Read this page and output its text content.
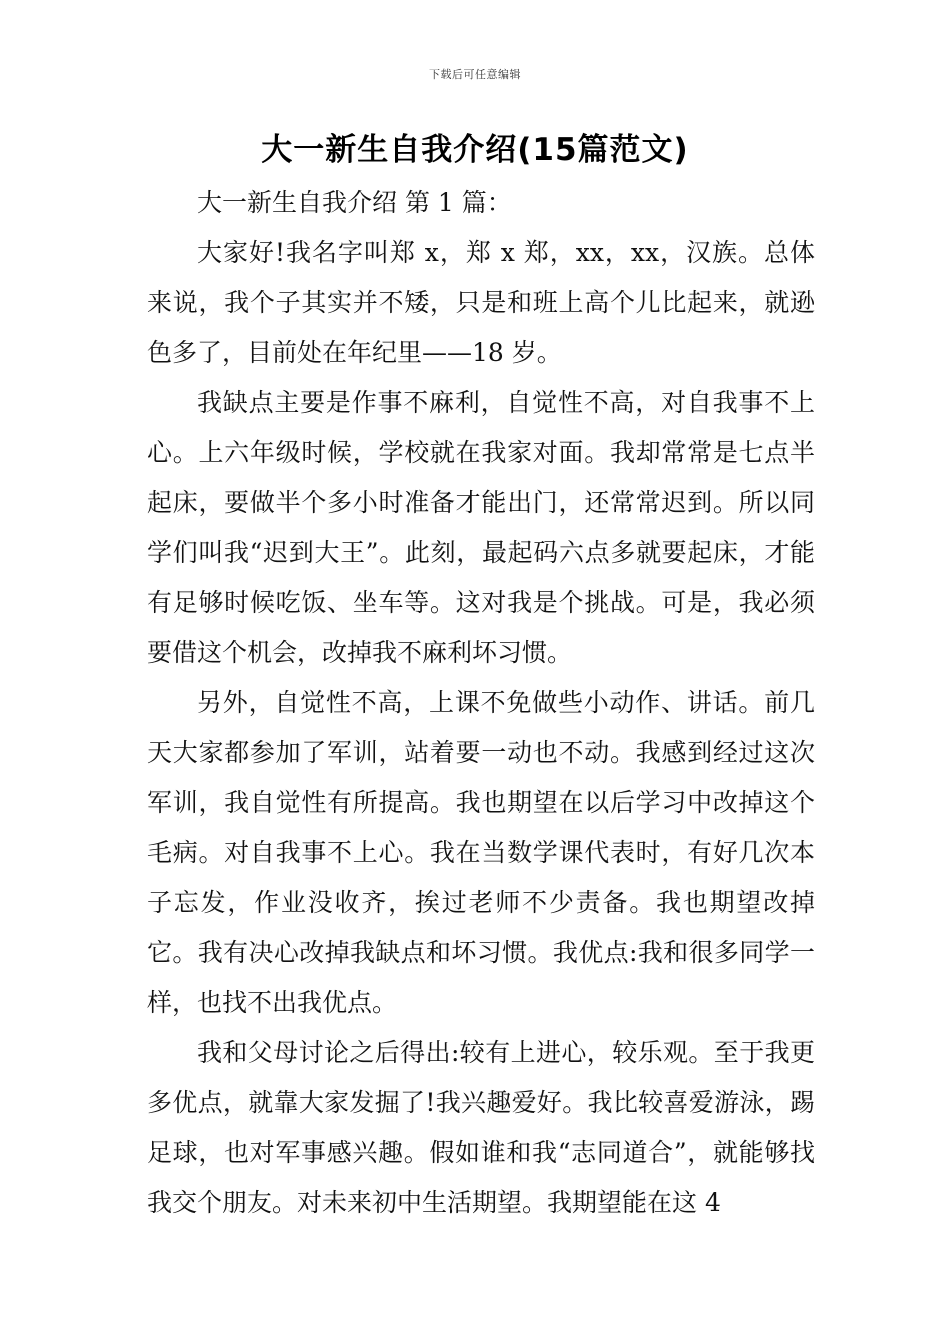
下载后可任意编辑
大一新生自我介绍(15篇范文)

大一新生自我介绍 第 1 篇：

大家好!我名字叫郑 x，郑 x 郑，xx，xx，汉族。总体来说，我个子其实并不矮，只是和班上高个儿比起来，就逊色多了，目前处在年纪里——18 岁。

我缺点主要是作事不麻利，自觉性不高，对自我事不上心。上六年级时候，学校就在我家对面。我却常常是七点半起床，要做半个多小时准备才能出门，还常常迟到。所以同学们叫我“迟到大王”。此刻，最起码六点多就要起床，才能有足够时候吃饭、坐车等。这对我是个挑战。可是，我必须要借这个机会，改掉我不麻利坏习惯。

另外，自觉性不高，上课不免做些小动作、讲话。前几天大家都参加了军训，站着要一动也不动。我感到经过这次军训，我自觉性有所提高。我也期望在以后学习中改掉这个毛病。对自我事不上心。我在当数学课代表时，有好几次本子忘发，作业没收齐，挨过老师不少责备。我也期望改掉它。我有决心改掉我缺点和坏习惯。我优点:我和很多同学一样，也找不出我优点。

我和父母讨论之后得出:较有上进心，较乐观。至于我更多优点，就靠大家发掘了!我兴趣爱好。我比较喜爱游泳，踢足球，也对军事感兴趣。假如谁和我“志同道合”，就能够找我交个朋友。对未来初中生活期望。我期望能在这 4
